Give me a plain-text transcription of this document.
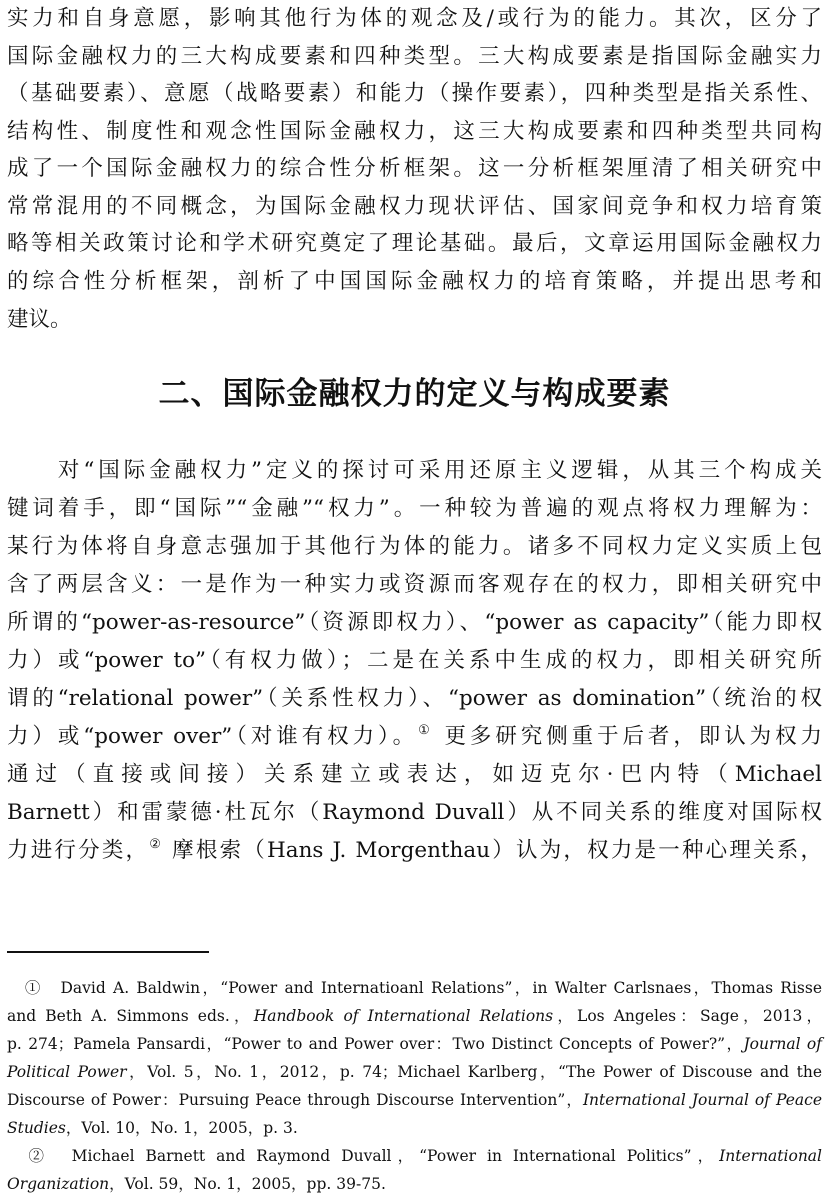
实力和自身意愿，影响其他行为体的观念及/或行为的能力。其次，区分了
国际金融权力的三大构成要素和四种类型。三大构成要素是指国际金融实力
（基础要素）、意愿（战略要素）和能力（操作要素），四种类型是指关系性、
结构性、制度性和观念性国际金融权力，这三大构成要素和四种类型共同构
成了一个国际金融权力的综合性分析框架。这一分析框架厘清了相关研究中
常常混用的不同概念，为国际金融权力现状评估、国家间竞争和权力培育策
略等相关政策讨论和学术研究奠定了理论基础。最后，文章运用国际金融权力
的综合性分析框架，剖析了中国国际金融权力的培育策略，并提出思考和
建议。
二、国际金融权力的定义与构成要素
　　对“国际金融权力”定义的探讨可采用还原主义逻辑，从其三个构成关
键词着手，即“国际”“金融”“权力”。一种较为普遍的观点将权力理解为：
某行为体将自身意志强加于其他行为体的能力。诸多不同权力定义实质上包
含了两层含义：一是作为一种实力或资源而客观存在的权力，即相关研究中
所谓的“power-as-resource”（资源即权力）、“power as capacity”（能力即权
力）或“power to”（有权力做）；二是在关系中生成的权力，即相关研究所
谓的“relational power”（关系性权力）、“power as domination”（统治的权
力）或“power over”（对谁有权力）。① 更多研究侧重于后者，即认为权力
通过（直接或间接）关系建立或表达，如迈克尔·巴内特（Michael
Barnett）和雷蒙德·杜瓦尔（Raymond Duvall）从不同关系的维度对国际权
力进行分类，② 摩根索（Hans J. Morgenthau）认为，权力是一种心理关系，
　①　David A. Baldwin，“Power and Internatioanl Relations”，in Walter Carlsnaes，Thomas Risse
and Beth A. Simmons eds.，Handbook of International Relations，Los Angeles：Sage，2013，
p. 274；Pamela Pansardi，“Power to and Power over：Two Distinct Concepts of Power?”，Journal of
Political Power，Vol. 5，No. 1，2012，p. 74；Michael Karlberg，“The Power of Discouse and the
Discourse of Power：Pursuing Peace through Discourse Intervention”，International Journal of Peace
Studies，Vol. 10，No. 1，2005，p. 3.
　②　Michael Barnett and Raymond Duvall，“Power in International Politics”，International
Organization，Vol. 59，No. 1，2005，pp. 39-75.
